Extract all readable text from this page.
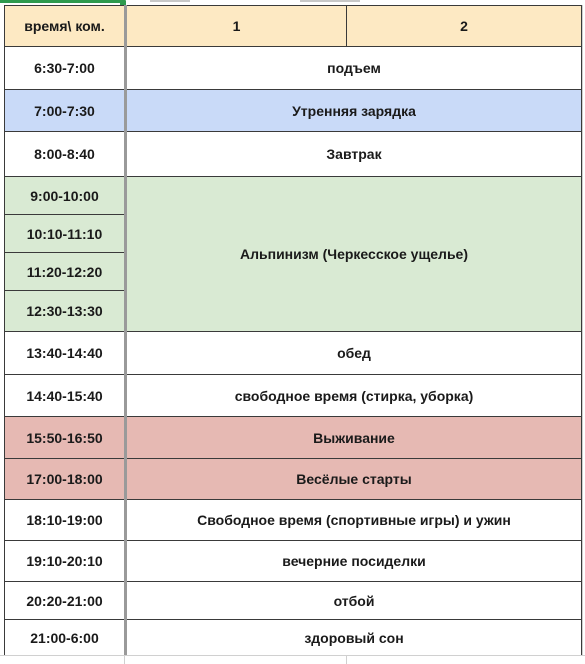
время\ ком.	1	2
6:30-7:00	подъем	
7:00-7:30	Утренняя зарядка	
8:00-8:40	Завтрак	
9:00-10:00	Альпинизм (Черкесское ущелье)	
10:10-11:10		
11:20-12:20		
12:30-13:30		
13:40-14:40	обед	
14:40-15:40	свободное время (стирка, уборка)	
15:50-16:50	Выживание	
17:00-18:00	Весёлые старты	
18:10-19:00	Свободное время (спортивные игры) и ужин	
19:10-20:10	вечерние посиделки	
20:20-21:00	отбой	
21:00-6:00	здоровый сон	
